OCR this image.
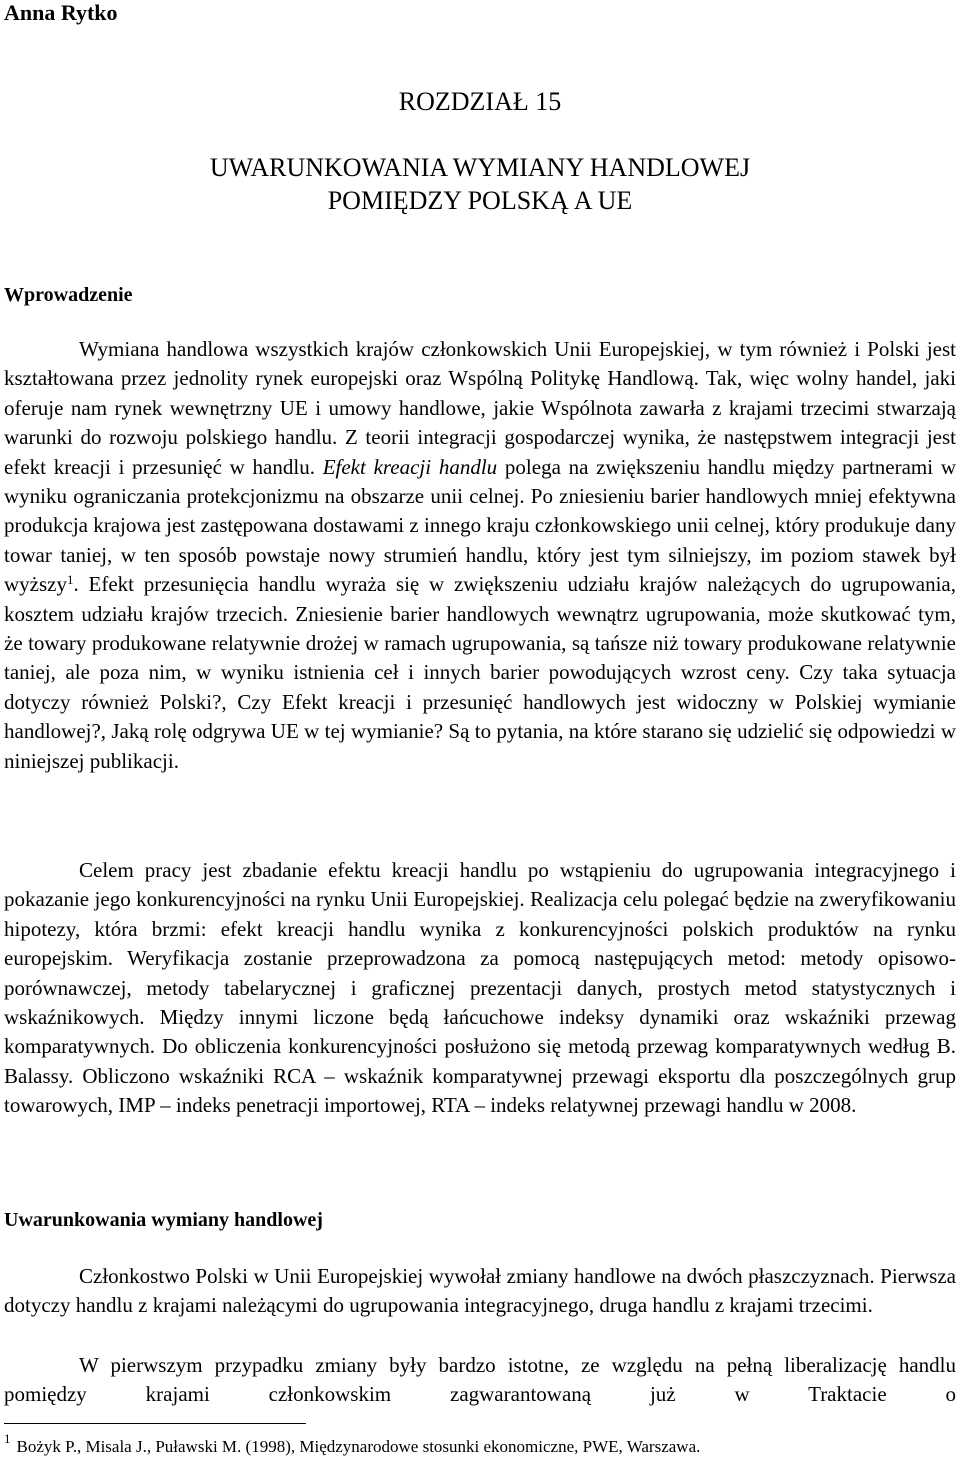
Anna Rytko

ROZDZIAŁ 15

UWARUNKOWANIA WYMIANY HANDLOWEJ

POMIĘDZY POLSKĄ A UE

Wprowadzenie

Wymiana handlowa wszystkich krajów członkowskich Unii Europejskiej, w tym również i Polski jest kształtowana przez jednolity rynek europejski oraz Wspólną Politykę Handlową. Tak, więc wolny handel, jaki oferuje nam rynek wewnętrzny UE i umowy handlowe, jakie Wspólnota zawarła z krajami trzecimi stwarzają warunki do rozwoju polskiego handlu. Z teorii integracji gospodarczej wynika, że następstwem integracji jest efekt kreacji i przesunięć w handlu. Efekt kreacji handlu polega na zwiększeniu handlu między partnerami w wyniku ograniczania protekcjonizmu na obszarze unii celnej. Po zniesieniu barier handlowych mniej efektywna produkcja krajowa jest zastępowana dostawami z innego kraju członkowskiego unii celnej, który produkuje dany towar taniej, w ten sposób powstaje nowy strumień handlu, który jest tym silniejszy, im poziom stawek był wyższy$^1$. Efekt przesunięcia handlu wyraża się w zwiększeniu udziału krajów należących do ugrupowania, kosztem udziału krajów trzecich. Zniesienie barier handlowych wewnątrz ugrupowania, może skutkować tym, że towary produkowane relatywnie drożej w ramach ugrupowania, są tańsze niż towary produkowane relatywnie taniej, ale poza nim, w wyniku istnienia ceł i innych barier powodujących wzrost ceny. Czy taka sytuacja dotyczy również Polski?, Czy Efekt kreacji i przesunięć handlowych jest widoczny w Polskiej wymianie handlowej?, Jaką rolę odgrywa UE w tej wymianie? Są to pytania, na które starano się udzielić się odpowiedzi w niniejszej publikacji.

Celem pracy jest zbadanie efektu kreacji handlu po wstąpieniu do ugrupowania integracyjnego i pokazanie jego konkurencyjności na rynku Unii Europejskiej. Realizacja celu polegać będzie na zweryfikowaniu hipotezy, która brzmi: efekt kreacji handlu wynika z konkurencyjności polskich produktów na rynku europejskim. Weryfikacja zostanie przeprowadzona za pomocą następujących metod: metody opisowo- porównawczej, metody tabelarycznej i graficznej prezentacji danych, prostych metod statystycznych i wskaźnikowych. Między innymi liczone będą łańcuchowe indeksy dynamiki oraz wskaźniki przewag komparatywnych. Do obliczenia konkurencyjności posłużono się metodą przewag komparatywnych według B. Balassy. Obliczono wskaźniki RCA – wskaźnik komparatywnej przewagi eksportu dla poszczególnych grup towarowych, IMP – indeks penetracji importowej, RTA – indeks relatywnej przewagi handlu w 2008.

Uwarunkowania wymiany handlowej

Członkostwo Polski w Unii Europejskiej wywołał zmiany handlowe na dwóch płaszczyznach. Pierwsza dotyczy handlu z krajami należącymi do ugrupowania integracyjnego, druga handlu z krajami trzecimi.

W pierwszym przypadku zmiany były bardzo istotne, ze względu na pełną liberalizację handlu pomiędzy krajami członkowskim zagwarantowaną już w Traktacie o

$^1$ Bożyk P., Misala J., Puławski M. (1998), Międzynarodowe stosunki ekonomiczne, PWE, Warszawa.
